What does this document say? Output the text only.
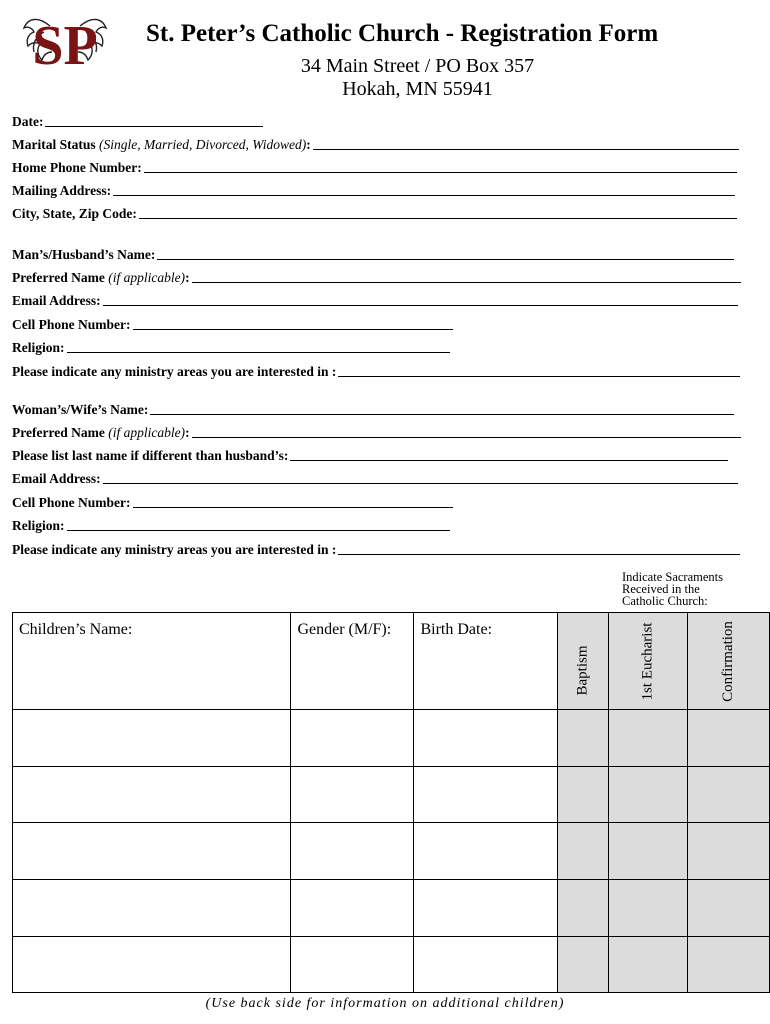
SP St. Peter’s Catholic Church - Registration Form
34 Main Street / PO Box 357
Hokah, MN 55941
Date:
Marital Status (Single, Married, Divorced, Widowed):
Home Phone Number:
Mailing Address:
City, State, Zip Code:
Man’s/Husband’s Name:
Preferred Name (if applicable):
Email Address:
Cell Phone Number:
Religion:
Please indicate any ministry areas you are interested in :
Woman’s/Wife’s Name:
Preferred Name (if applicable):
Please list last name if different than husband’s:
Email Address:
Cell Phone Number:
Religion:
Please indicate any ministry areas you are interested in :
Indicate Sacraments
Received in the
Catholic Church:
Children’s Name:	Gender (M/F):	Birth Date:	Baptism	1st Eucharist	Confirmation

(Use back side for information on additional children)
